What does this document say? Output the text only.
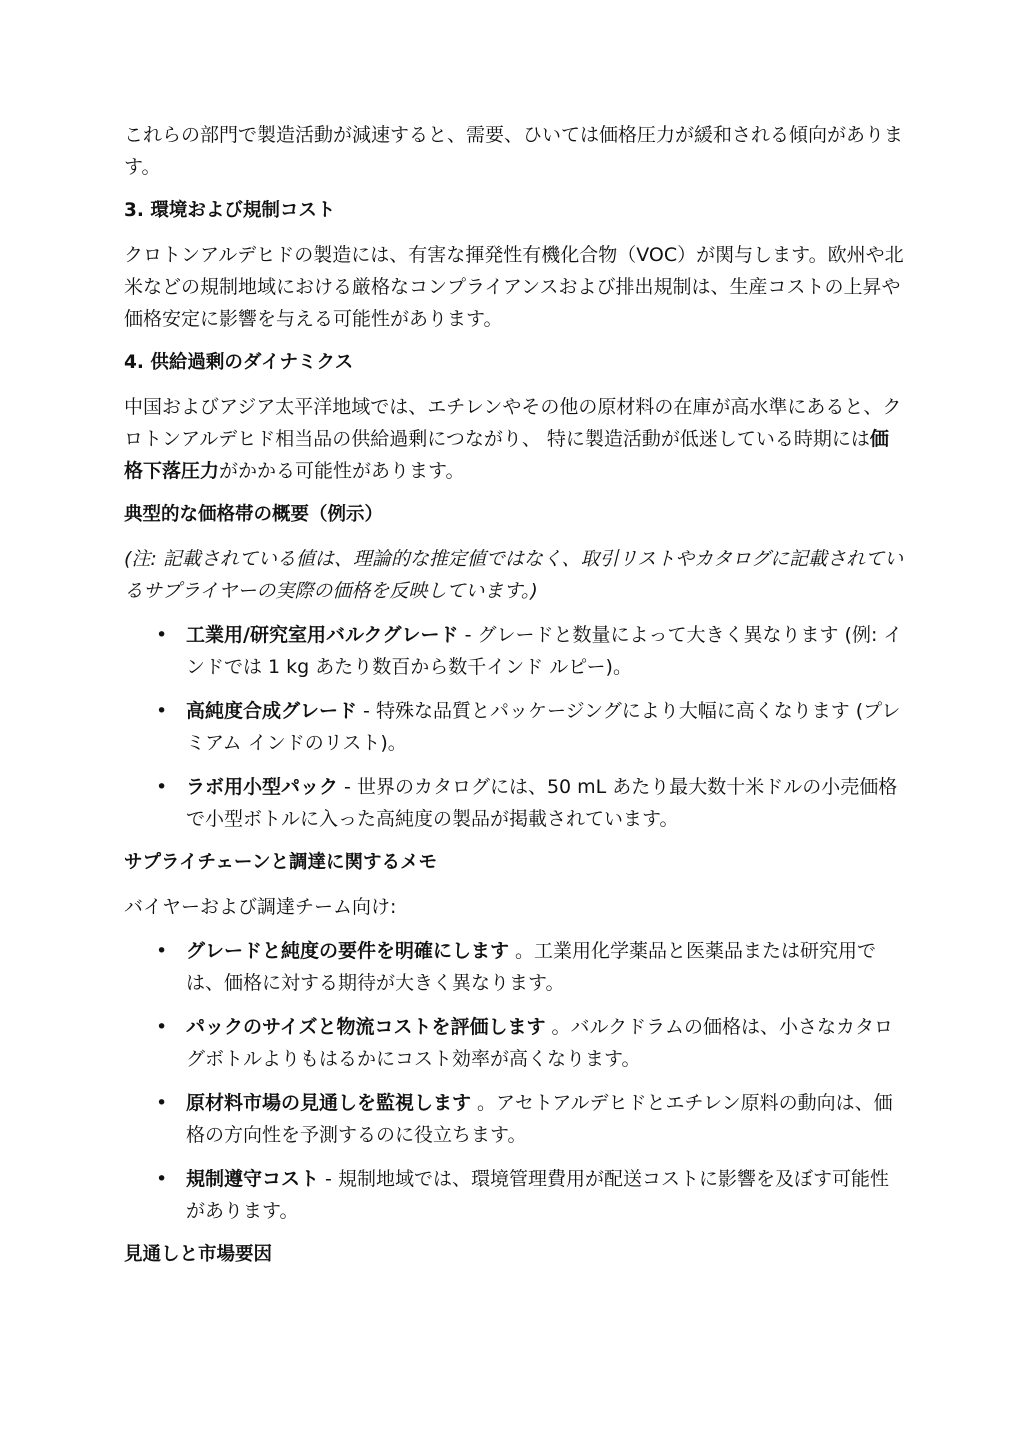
これらの部門で製造活動が減速すると、需要、ひいては価格圧力が緩和される傾向があります。

3. 環境および規制コスト

クロトンアルデヒドの製造には、有害な揮発性有機化合物（VOC）が関与します。欧州や北米などの規制地域における厳格なコンプライアンスおよび排出規制は、生産コストの上昇や価格安定に影響を与える可能性があります。

4. 供給過剰のダイナミクス

中国およびアジア太平洋地域では、エチレンやその他の原材料の在庫が高水準にあると、クロトンアルデヒド相当品の供給過剰につながり、 特に製造活動が低迷している時期には価格下落圧力がかかる可能性があります。

典型的な価格帯の概要（例示）

(注: 記載されている値は、理論的な推定値ではなく、取引リストやカタログに記載されているサプライヤーの実際の価格を反映しています。)

• 工業用/研究室用バルクグレード - グレードと数量によって大きく異なります (例: インドでは 1 kg あたり数百から数千インド ルピー)。
• 高純度合成グレード - 特殊な品質とパッケージングにより大幅に高くなります (プレミアム インドのリスト)。
• ラボ用小型パック - 世界のカタログには、50 mL あたり最大数十米ドルの小売価格で小型ボトルに入った高純度の製品が掲載されています。

サプライチェーンと調達に関するメモ

バイヤーおよび調達チーム向け:

• グレードと純度の要件を明確にします 。工業用化学薬品と医薬品または研究用では、価格に対する期待が大きく異なります。
• パックのサイズと物流コストを評価します 。バルクドラムの価格は、小さなカタログボトルよりもはるかにコスト効率が高くなります。
• 原材料市場の見通しを監視します 。アセトアルデヒドとエチレン原料の動向は、価格の方向性を予測するのに役立ちます。
• 規制遵守コスト - 規制地域では、環境管理費用が配送コストに影響を及ぼす可能性があります。

見通しと市場要因
